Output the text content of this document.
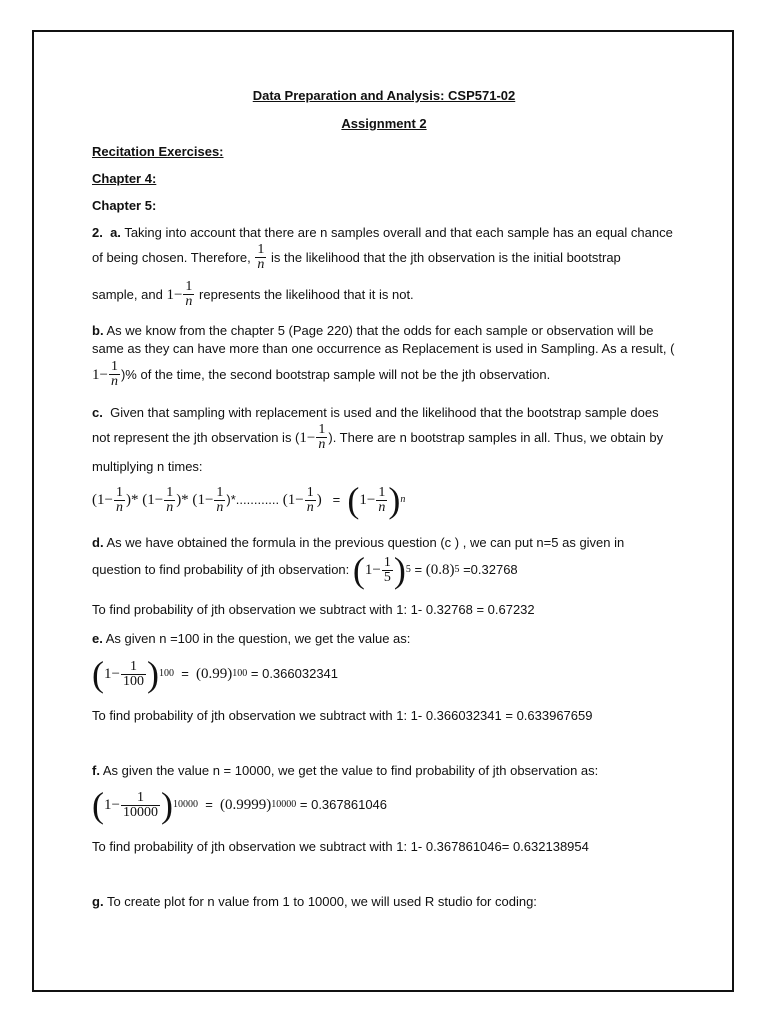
Data Preparation and Analysis: CSP571-02
Assignment 2
Recitation Exercises:
Chapter 4:
Chapter 5:
2. a. Taking into account that there are n samples overall and that each sample has an equal chance
of being chosen. Therefore,
$\frac{1}{n}$
is the likelihood that the jth observation is the initial bootstrap
sample, and
$1 - \frac{1}{n}$
represents the likelihood that it is not.
b. As we know from the chapter 5 (Page 220) that the odds for each sample or observation will be
same as they can have more than one occurrence as Replacement is used in Sampling. As a result, (
$1 - \frac{1}{n}$ )% of the time, the second bootstrap sample will not be the jth observation.
c. Given that sampling with replacement is used and the likelihood that the bootstrap sample does
not represent the jth observation is ( $1 - \frac{1}{n}$ ). There are n bootstrap samples in all. Thus, we obtain by
multiplying n times:
( $1 - \frac{1}{n}$ )* ( $1 - \frac{1}{n}$ )* ( $1 - \frac{1}{n}$ )*............
( $1 - \frac{1}{n}$ )
=
( $1 - \frac{1}{n}$ ) n
d. As we have obtained the formula in the previous question (c ) , we can put n=5 as given in
question to find probability of jth observation:
( $1 - \frac{1}{5}$ ) 5 = ( 0.8 ) 5
=0.32768
To find probability of jth observation we subtract with 1: 1- 0.32768 = 0.67232
e. As given n =100 in the question, we get the value as:
( $1 - \frac{1}{100}$ ) 100 = ( 0.99 ) 100
= 0.366032341
To find probability of jth observation we subtract with 1: 1- 0.366032341 = 0.633967659
f. As given the value n = 10000, we get the value to find probability of jth observation as:
( $1 - \frac{1}{10000}$ ) 10000 = ( 0.9999 ) 10000
= 0.367861046
To find probability of jth observation we subtract with 1: 1- 0.367861046= 0.632138954
g. To create plot for n value from 1 to 10000, we will used R studio for coding:
